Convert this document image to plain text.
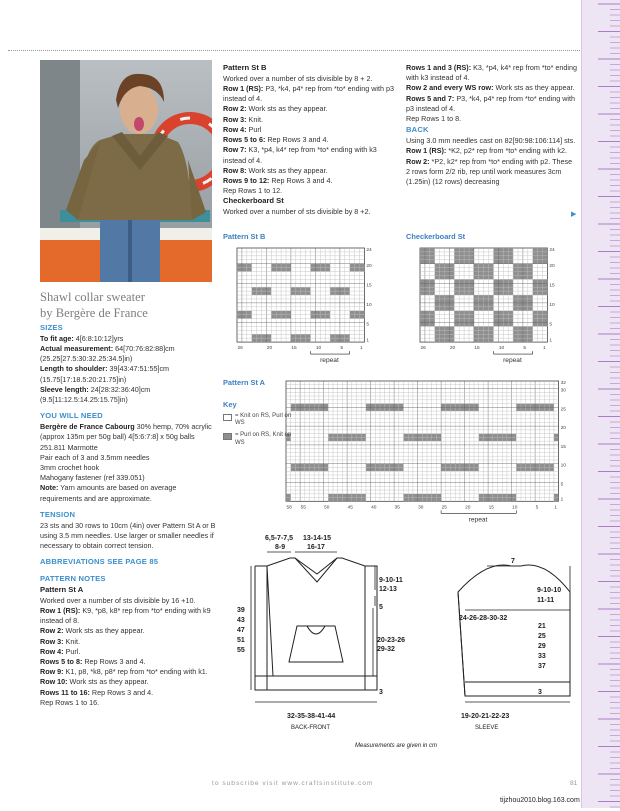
Shawl collar sweater
by Bergère de France
SIZES

To fit age: 4[6:8:10:12]yrs

Actual measurement: 64[70:76:82:88]cm (25.25[27.5:30:32.25:34.5]in)

Length to shoulder: 39[43:47:51:55]cm (15.75[17:18.5:20:21.75]in)

Sleeve length: 24[28:32:36:40]cm (9.5[11:12.5:14.25:15.75]in)

YOU WILL NEED

Bergère de France Cabourg 30% hemp, 70% acrylic (approx 135m per 50g ball) 4[5:6:7:8] x 50g balls 251.811 Marmotte

Pair each of 3 and 3.5mm needles

3mm crochet hook

Mahogany fastener (ref 339.051)

Note: Yarn amounts are based on average requirements and are approximate.

TENSION

23 sts and 30 rows to 10cm (4in) over Pattern St A or B using 3.5 mm needles. Use larger or smaller needles if necessary to obtain correct tension.

ABBREVIATIONS SEE PAGE 85
PATTERN NOTES
Pattern St A

Worked over a number of sts divisible by 16 +10.

Row 1 (RS): K9, *p8, k8* rep from *to* ending with k9 instead of 8.

Row 2: Work sts as they appear.

Row 3: Knit.

Row 4: Purl.

Rows 5 to 8: Rep Rows 3 and 4.

Row 9: K1, p8, *k8, p8* rep from *to* ending with k1.

Row 10: Work sts as they appear.

Rows 11 to 16: Rep Rows 3 and 4.

Rep Rows 1 to 16.

Pattern St B

Worked over a number of sts divisible by 8 + 2.

Row 1 (RS): P3, *k4, p4* rep from *to* ending with p3 instead of 4.

Row 2: Work sts as they appear.

Row 3: Knit.

Row 4: Purl

Rows 5 to 6: Rep Rows 3 and 4.

Row 7: K3, *p4, k4* rep from *to* ending with k3 instead of 4.

Row 8: Work sts as they appear.

Rows 9 to 12: Rep Rows 3 and 4.

Rep Rows 1 to 12.

Checkerboard St

Worked over a number of sts divisible by 8 +2.

Rows 1 and 3 (RS): K3, *p4, k4* rep from *to* ending with k3 instead of 4.

Row 2 and every WS row: Work sts as they appear.

Rows 5 and 7: P3, *k4, p4* rep from *to* ending with p3 instead of 4.

Rep Rows 1 to 8.

BACK

Using 3.0 mm needles cast on 82[90:98:106:114] sts.

Row 1 (RS): *K2, p2* rep from *to* ending with k2.

Row 2: *P2, k2* rep from *to* ending with p2. These 2 rows form 2/2 rib, rep until work measures 3cm (1.25in) (12 rows) decreasing

▶
Pattern St B	Checkerboard St
Pattern St A
24
20
15
10
5
1
26	20	15	10	5	1
repeat
24
20
15
10
5
1
26	20	15	10	5	1
repeat
32
30
25
20
15
10
5
1
58 55	50	45	40	35	30	25	20	15	10	5	1
repeat
Key
= Knit on RS, Purl on WS
= Purl on RS, Knit on WS
6,5-7-7,5
8-9
13-14-15
16-17
9-10-11
12-13
5
39
43
47
51
55
20-23-26
29-32
3
32-35-38-41-44
BACK-FRONT
7
24-26-28-30-32
9-10-10
11-11
21
25
29
33
37
3
19-20-21-22-23
SLEEVE
Measurements are given in cm
to subscribe visit www.craftsinstitute.com	81
tijzhou2010.blog.163.com
